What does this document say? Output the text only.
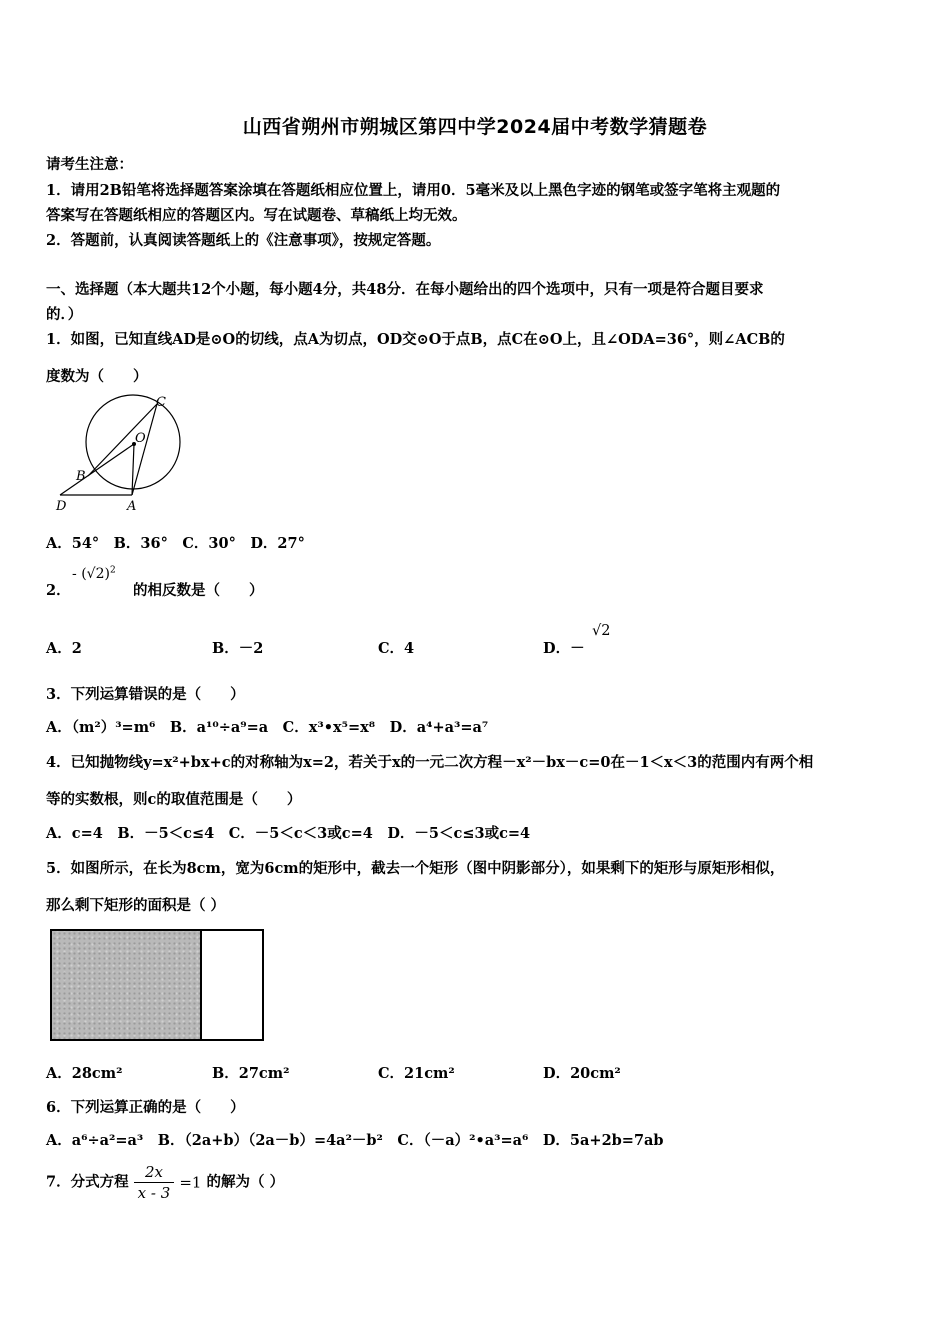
山西省朔州市朔城区第四中学2024届中考数学猜题卷
请考生注意：
1．请用2B铅笔将选择题答案涂填在答题纸相应位置上，请用0．5毫米及以上黑色字迹的钢笔或签字笔将主观题的
答案写在答题纸相应的答题区内。写在试题卷、草稿纸上均无效。
2．答题前，认真阅读答题纸上的《注意事项》，按规定答题。
一、选择题（本大题共12个小题，每小题4分，共48分．在每小题给出的四个选项中，只有一项是符合题目要求
的．）
1．如图，已知直线AD是⊙O的切线，点A为切点，OD交⊙O于点B，点C在⊙O上，且∠ODA=36°，则∠ACB的
度数为（　　）
C
O
B
D	A
A．54°　B．36°　C．30°　D．27°
2．
- $(√2)^2$
的相反数是（　　）
A．2	B．－2	C．4	D．－
√2
3．下列运算错误的是（　　）
A．（m²）³=m⁶　B．a¹⁰÷a⁹=a　C．x³•x⁵=x⁸　D．a⁴+a³=a⁷
4．已知抛物线y=x²+bx+c的对称轴为x=2，若关于x的一元二次方程－x²－bx－c=0在－1＜x＜3的范围内有两个相
等的实数根，则c的取值范围是（　　）
A．c=4　B．－5＜c≤4　C．－5＜c＜3或c=4　D．－5＜c≤3或c=4
5．如图所示，在长为8cm，宽为6cm的矩形中，截去一个矩形（图中阴影部分），如果剩下的矩形与原矩形相似，
那么剩下矩形的面积是（ ）
A．28cm²	B．27cm²	C．21cm²	D．20cm²
6．下列运算正确的是（　　）
A．a⁶÷a²=a³　B．（2a+b）（2a－b）=4a²－b²　C．（－a）²•a³=a⁶　D．5a+2b=7ab
7．分式方程 $\frac{2x}{x - 3} =1$ 的解为（ ）
